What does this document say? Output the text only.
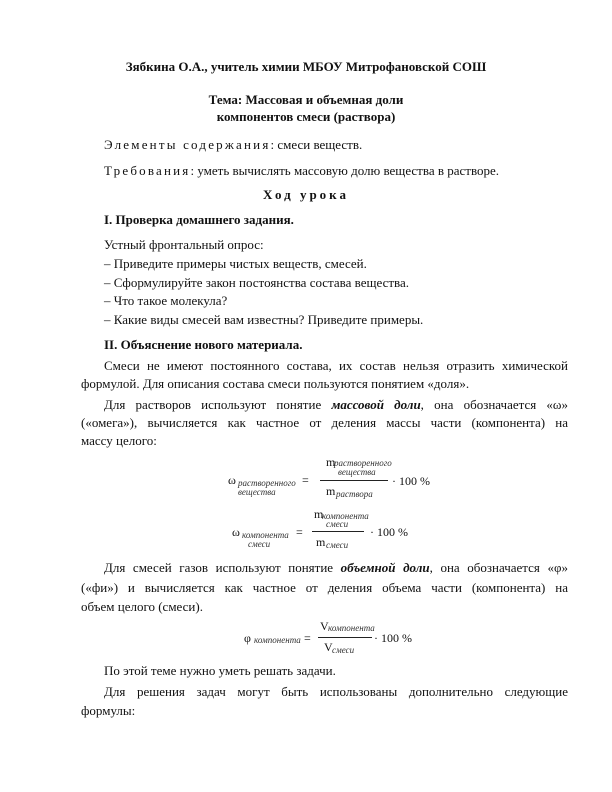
Зябкина О.А., учитель химии МБОУ Митрофановской СОШ
Тема: Массовая и объемная доли
компонентов смеси (раствора)
Элементы содержания: смеси веществ.
Требования: уметь вычислять массовую долю вещества в растворе.
Ход урока
I. Проверка домашнего задания.
Устный фронтальный опрос:
– Приведите примеры чистых веществ, смесей.
– Сформулируйте закон постоянства состава вещества.
– Что такое молекула?
– Какие виды смесей вам известны? Приведите примеры.
II. Объяснение нового материала.
Смеси не имеют постоянного состава, их состав нельзя отразить химической
формулой. Для описания состава смеси пользуются понятием «доля».
Для растворов используют понятие массовой доли, она обозначается «ω»
(«омега»), вычисляется как частное от деления массы части (компонента) на
массу целого:
ω растворенного
вещества
=
m
растворенного
вещества
m раствора
· 100 %
ω компонента
смеси
=
m
компонента
смеси
m смеси
· 100 %
Для смесей газов используют понятие объемной доли, она обозначается «φ»
(«фи») и вычисляется как частное от деления объема части (компонента) на
объем целого (смеси).
φ компонента =
V компонента
V смеси
· 100 %
По этой теме нужно уметь решать задачи.
Для решения задач могут быть использованы дополнительно следующие
формулы:
